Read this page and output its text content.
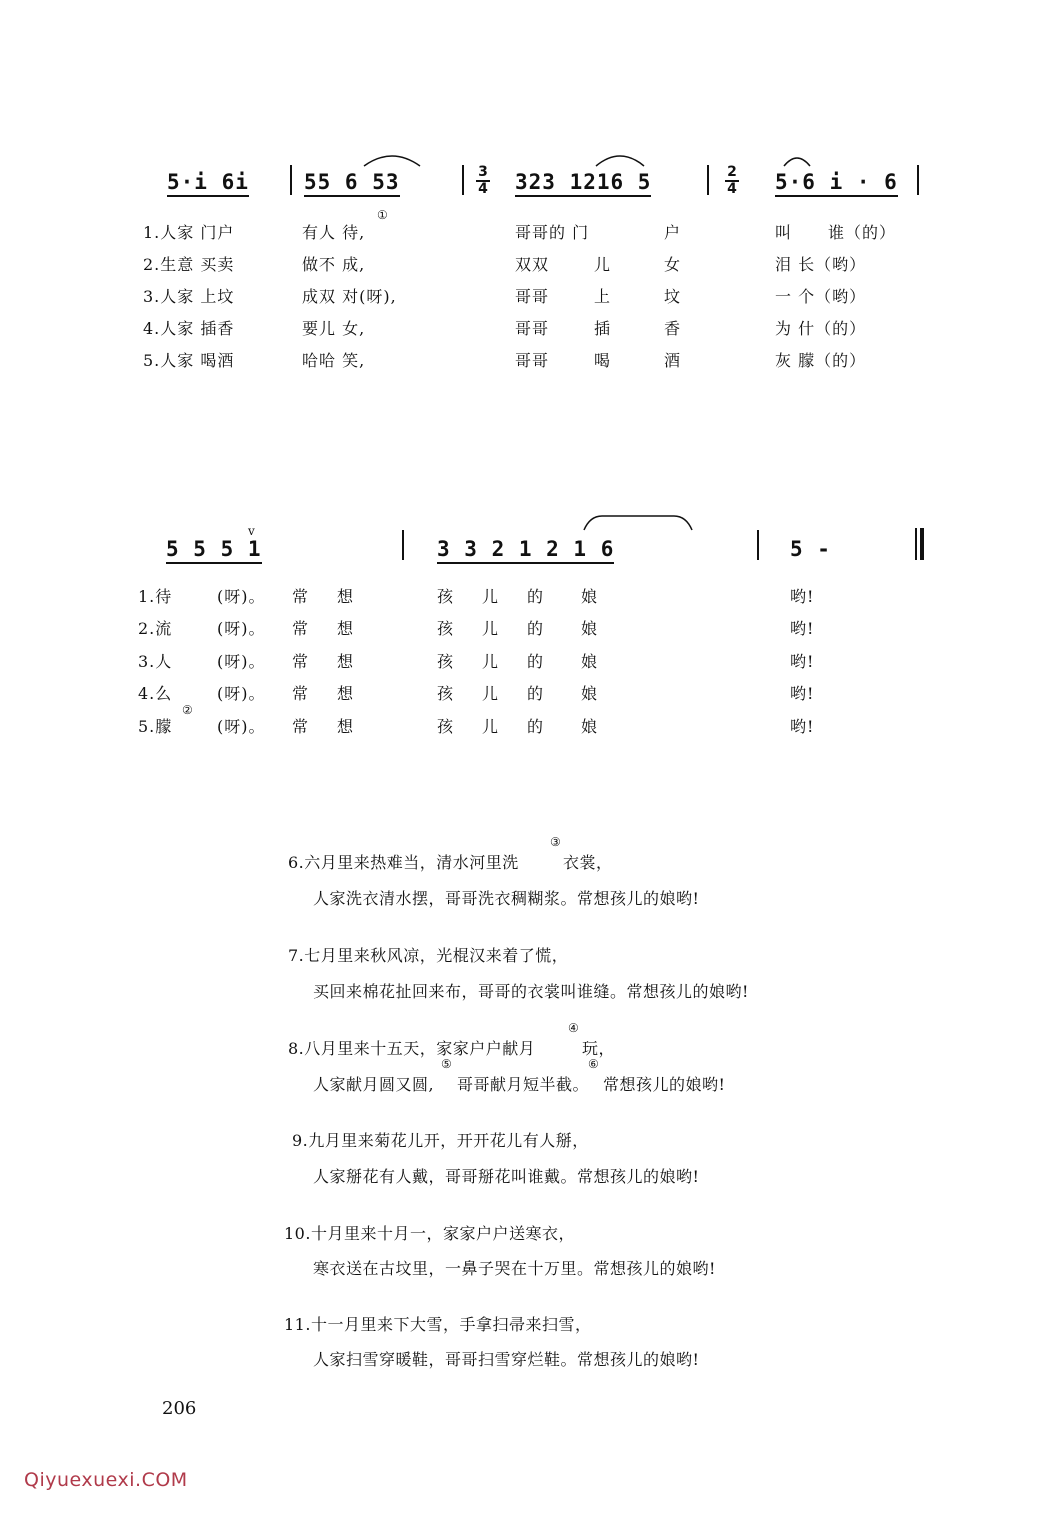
5·i 6i	55 6 53	3
4 323 1216 5	2
4 5·6 i · 6
①
1.人家 门户	有人 待,	哥哥的 门	户	叫 谁（的）
2.生意 买卖	做不 成,	双双	儿	女	泪 长（哟）
3.人家 上坟	成双 对(呀),	哥哥	上	坟	一 个（哟）
4.人家 插香	要儿 女,	哥哥	插	香	为 什（的）
5.人家 喝酒	哈哈 笑,	哥哥	喝	酒	灰 朦（的）
5 5 5 1
v
3 3 2 1 2 1 6	5 -
②
1.待	(呀)。 常 想	孩 儿 的 娘	哟!
2.流	(呀)。 常 想	孩 儿 的 娘	哟!
3.人	(呀)。 常 想	孩 儿 的 娘	哟!
4.么	(呀)。 常 想	孩 儿 的 娘	哟!
5.朦	(呀)。 常 想	孩 儿 的 娘	哟!
6.六月里来热难当，清水河里洗
③
衣裳，
人家洗衣清水摆，哥哥洗衣稠糊浆。常想孩儿的娘哟!
7.七月里来秋风凉，光棍汉来着了慌，
买回来棉花扯回来布，哥哥的衣裳叫谁缝。常想孩儿的娘哟!
8.八月里来十五天，家家户户献月
④
玩，
人家献月圆又圆,
⑤
哥哥献月短半截。
⑥
常想孩儿的娘哟!
9.九月里来菊花儿开，开开花儿有人掰，
人家掰花有人戴，哥哥掰花叫谁戴。常想孩儿的娘哟!
10.十月里来十月一，家家户户送寒衣，
寒衣送在古坟里，一鼻子哭在十万里。常想孩儿的娘哟!
11.十一月里来下大雪，手拿扫帚来扫雪，
人家扫雪穿暖鞋，哥哥扫雪穿烂鞋。常想孩儿的娘哟!
206
Qiyuexuexi.COM
